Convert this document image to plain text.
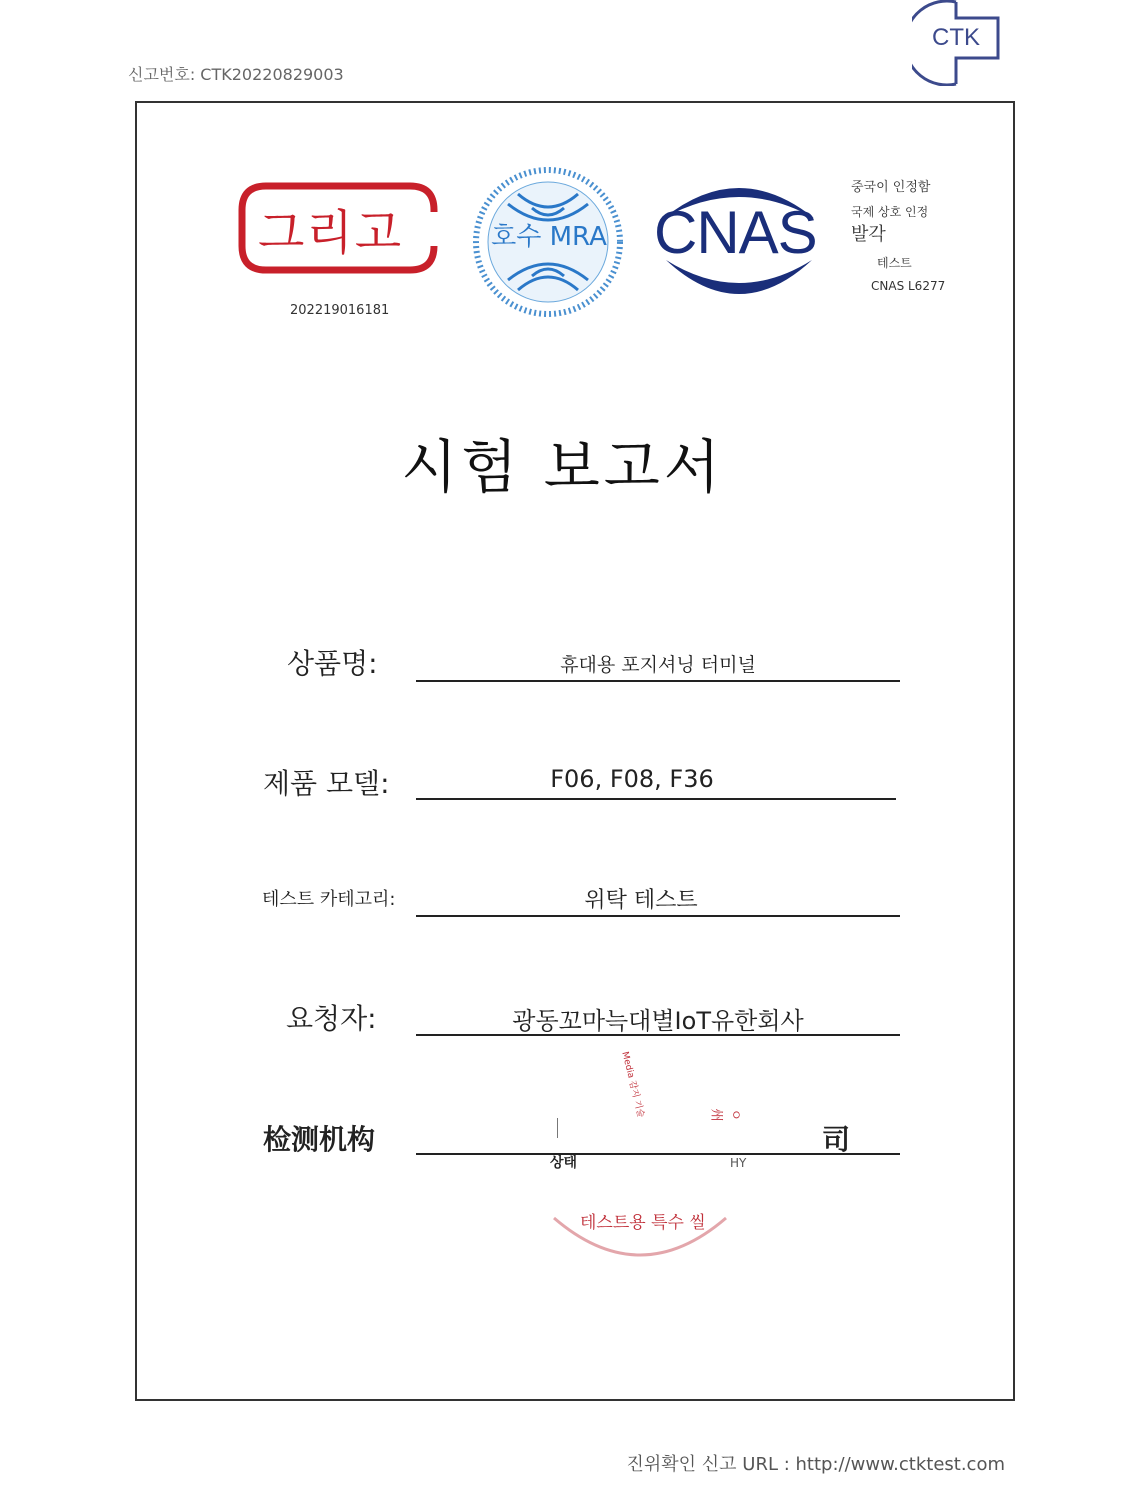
신고번호: CTK20220829003
CTK
그리고
202219016181
호수 MRA CNAS
중국이 인정함
국제 상호 인정
발각
테스트
CNAS L6277
시험 보고서
상품명:	휴대용 포지셔닝 터미널
제품 모델:	F06, F08, F36
테스트 카테고리:	위탁 테스트
요청자:	광동꼬마늑대별IoT유한회사
检测机构	司
Media 감지 기술
상태
ㅇ州
HY
테스트용 특수 씰
진위확인 신고 URL : http://www.ctktest.com
